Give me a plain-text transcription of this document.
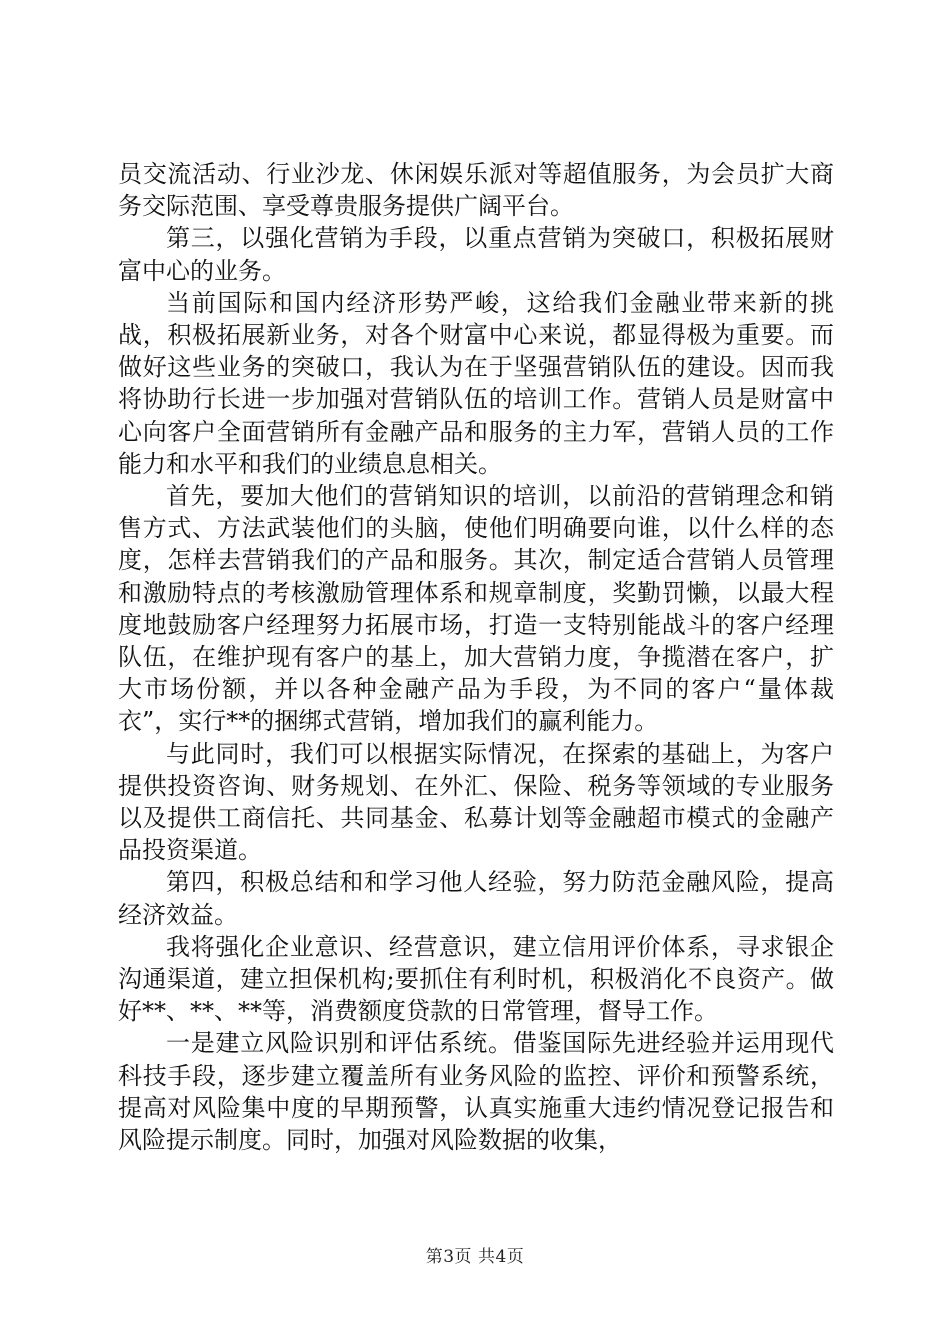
员交流活动、行业沙龙、休闲娱乐派对等超值服务，为会员扩大商务交际范围、享受尊贵服务提供广阔平台。

第三，以强化营销为手段，以重点营销为突破口，积极拓展财富中心的业务。

当前国际和国内经济形势严峻，这给我们金融业带来新的挑战，积极拓展新业务，对各个财富中心来说，都显得极为重要。而做好这些业务的突破口，我认为在于坚强营销队伍的建设。因而我将协助行长进一步加强对营销队伍的培训工作。营销人员是财富中心向客户全面营销所有金融产品和服务的主力军，营销人员的工作能力和水平和我们的业绩息息相关。

首先，要加大他们的营销知识的培训，以前沿的营销理念和销售方式、方法武装他们的头脑，使他们明确要向谁，以什么样的态度，怎样去营销我们的产品和服务。其次，制定适合营销人员管理和激励特点的考核激励管理体系和规章制度，奖勤罚懒，以最大程度地鼓励客户经理努力拓展市场，打造一支特别能战斗的客户经理队伍，在维护现有客户的基上，加大营销力度，争揽潜在客户，扩大市场份额，并以各种金融产品为手段，为不同的客户“量体裁衣”，实行**的捆绑式营销，增加我们的赢利能力。

与此同时，我们可以根据实际情况，在探索的基础上，为客户提供投资咨询、财务规划、在外汇、保险、税务等领域的专业服务以及提供工商信托、共同基金、私募计划等金融超市模式的金融产品投资渠道。

第四，积极总结和和学习他人经验，努力防范金融风险，提高经济效益。

我将强化企业意识、经营意识，建立信用评价体系，寻求银企沟通渠道，建立担保机构;要抓住有利时机，积极消化不良资产。做好**、**、**等，消费额度贷款的日常管理，督导工作。

一是建立风险识别和评估系统。借鉴国际先进经验并运用现代科技手段，逐步建立覆盖所有业务风险的监控、评价和预警系统，提高对风险集中度的早期预警，认真实施重大违约情况登记报告和风险提示制度。同时，加强对风险数据的收集，

第3页 共4页
